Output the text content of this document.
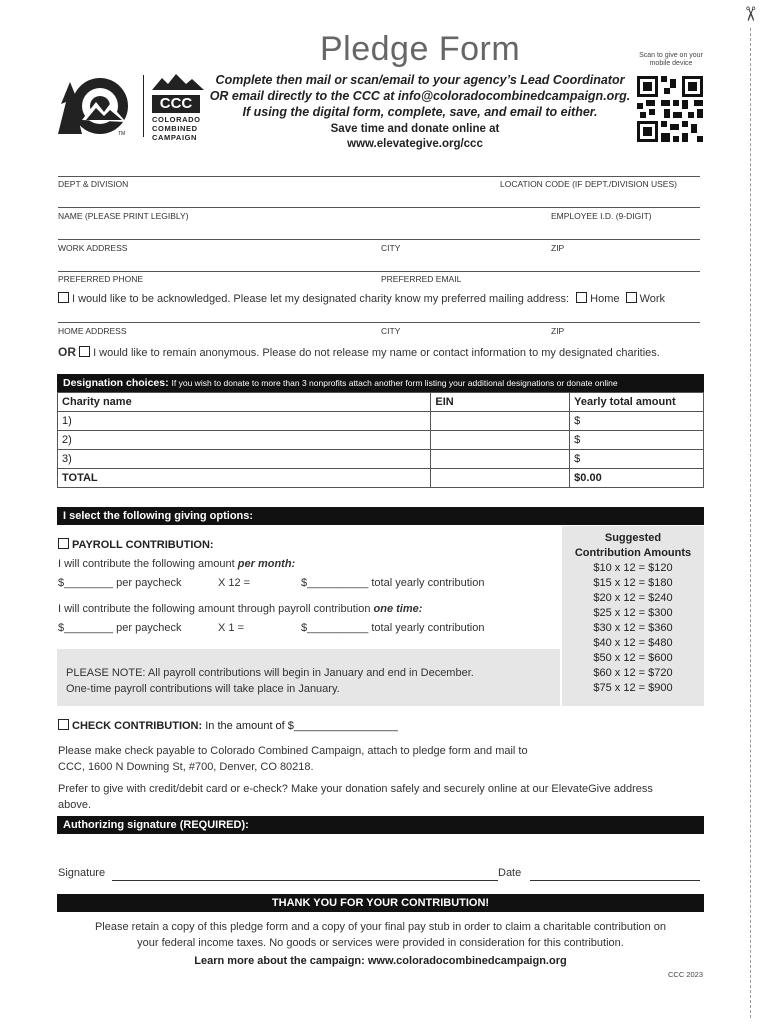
✂
TM
CCC
COLORADO
COMBINED
CAMPAIGN
Pledge Form
Complete then mail or scan/email to your agency’s Lead Coordinator
OR email directly to the CCC at info@coloradocombinedcampaign.org.
If using the digital form, complete, save, and email to either.
Save time and donate online at
www.elevategive.org/ccc
Scan to give on your mobile device
DEPT & DIVISION	LOCATION CODE (IF DEPT./DIVISION USES)
NAME (PLEASE PRINT LEGIBLY)	EMPLOYEE I.D. (9-DIGIT)
WORK ADDRESS	CITY	ZIP
PREFERRED PHONE	PREFERRED EMAIL
I would like to be acknowledged. Please let my designated charity know my preferred mailing address: Home Work
HOME ADDRESS	CITY	ZIP
OR I would like to remain anonymous. Please do not release my name or contact information to my designated charities.
Designation choices: If you wish to donate to more than 3 nonprofits attach another form listing your additional designations or donate online
Charity name	EIN	Yearly total amount
1)		$
2)		$
3)		$
TOTAL		$0.00
I select the following giving options:
PAYROLL CONTRIBUTION:
I will contribute the following amount per month:
$________ per paycheck	X 12 =	$__________ total yearly contribution
I will contribute the following amount through payroll contribution one time:
$________ per paycheck	X 1 =	$__________ total yearly contribution
PLEASE NOTE: All payroll contributions will begin in January and end in December.
One-time payroll contributions will take place in January.
Suggested
Contribution Amounts
$10 x 12 = $120
$15 x 12 = $180
$20 x 12 = $240
$25 x 12 = $300
$30 x 12 = $360
$40 x 12 = $480
$50 x 12 = $600
$60 x 12 = $720
$75 x 12 = $900
CHECK CONTRIBUTION: In the amount of $_________________
Please make check payable to Colorado Combined Campaign, attach to pledge form and mail to
CCC, 1600 N Downing St, #700, Denver, CO 80218.
Prefer to give with credit/debit card or e-check? Make your donation safely and securely online at our ElevateGive address
above.
Authorizing signature (REQUIRED):
Signature	Date
THANK YOU FOR YOUR CONTRIBUTION!
Please retain a copy of this pledge form and a copy of your final pay stub in order to claim a charitable contribution on
your federal income taxes. No goods or services were provided in consideration for this contribution.
Learn more about the campaign: www.coloradocombinedcampaign.org
CCC 2023
